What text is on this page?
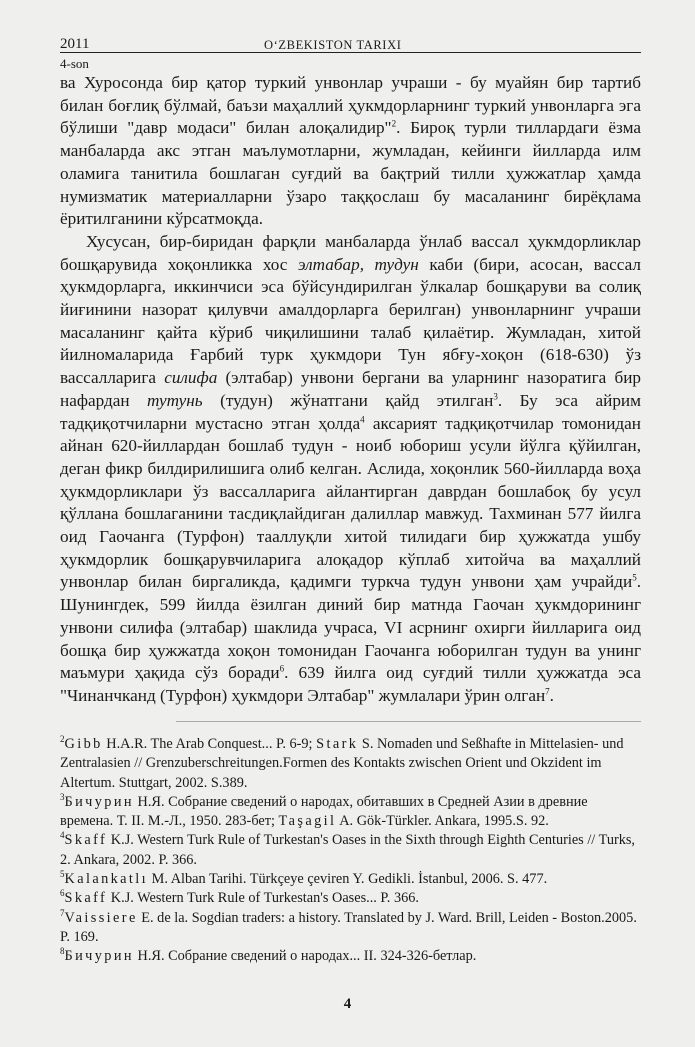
2011	O‘ZBEKISTON TARIXI
4-son

ва Хуросонда бир қатор туркий унвонлар учраши - бу муайян бир тартиб билан боғлиқ бўлмай, баъзи маҳаллий ҳукмдорларнинг туркий унвонларга эга бўлиши "давр модаси" билан алоқалидир"$^2$. Бироқ турли тиллардаги ёзма манбаларда акс этган маълумотларни, жумладан, кейинги йилларда илм оламига танитила бошлаган суғдий ва бақтрий тилли ҳужжатлар ҳамда нумизматик материалларни ўзаро таққослаш бу масаланинг бирёқлама ёритилганини кўрсатмоқда.

Хусусан, бир-биридан фарқли манбаларда ўнлаб вассал ҳукмдорликлар бошқарувида хоқонликка хос элтабар, тудун каби (бири, асосан, вассал ҳукмдорларга, иккинчиси эса бўйсундирилган ўлкалар бошқаруви ва солиқ йиғинини назорат қилувчи амалдорларга берилган) унвонларнинг учраши масаланинг қайта кўриб чиқилишини талаб қилаётир. Жумладан, хитой йилномаларида Ғарбий турк ҳукмдори Тун ябғу-хоқон (618-630) ўз вассалларига силифа (элтабар) унвони бергани ва уларнинг назоратига бир нафардан тутунь (тудун) жўнатгани қайд этилган$^3$. Бу эса айрим тадқиқотчиларни мустасно этган ҳолда$^4$ аксарият тадқиқотчилар томонидан айнан 620-йиллардан бошлаб тудун - ноиб юбориш усули йўлга қўйилган, деган фикр билдирилишига олиб келган. Аслида, хоқонлик 560-йилларда воҳа ҳукмдорликлари ўз вассалларига айлантирган даврдан бошлабоқ бу усул қўллана бошлаганини тасдиқлайдиган далиллар мавжуд. Тахминан 577 йилга оид Гаочанга (Турфон) тааллуқли хитой тилидаги бир ҳужжатда ушбу ҳукмдорлик бошқарувчиларига алоқадор кўплаб хитойча ва маҳаллий унвонлар билан биргаликда, қадимги туркча тудун унвони ҳам учрайди$^5$. Шунингдек, 599 йилда ёзилган диний бир матнда Гаочан ҳукмдорининг унвони силифа (элтабар) шаклида учраса, VI асрнинг охирги йилларига оид бошқа бир ҳужжатда хоқон томонидан Гаочанга юборилган тудун ва унинг маъмури ҳақида сўз боради$^6$. 639 йилга оид суғдий тилли ҳужжатда эса "Чинанчканд (Турфон) ҳукмдори Элтабар" жумлалари ўрин олган$^7$.

$^2$Gibb H.A.R. The Arab Conquest... P. 6-9; Stark S. Nomaden und Seßhafte in Mittelasien- und Zentralasien // Grenzuberschreitungen.Formen des Kontakts zwischen Orient und Okzident im Altertum. Stuttgart, 2002. S.389.

$^3$Бичурин Н.Я. Собрание сведений о народах, обитавших в Средней Азии в древние времена. Т. II. М.-Л., 1950. 283-бет; Taşagil A. Gök-Türkler. Ankara, 1995.S. 92.

$^4$Skaff K.J. Western Turk Rule of Turkestan's Oases in the Sixth through Eighth Centuries // Turks, 2. Ankara, 2002. P. 366.

$^5$Kalankatlı M. Alban Tarihi. Türkçeye çeviren Y. Gedikli. İstanbul, 2006. S. 477.

$^6$Skaff K.J. Western Turk Rule of Turkestan's Oases... P. 366.

$^7$Vaissiere E. de la. Sogdian traders: a history. Translated by J. Ward. Brill, Leiden - Boston.2005. P. 169.

$^8$Бичурин Н.Я. Собрание сведений о народах... II. 324-326-бетлар.

4
